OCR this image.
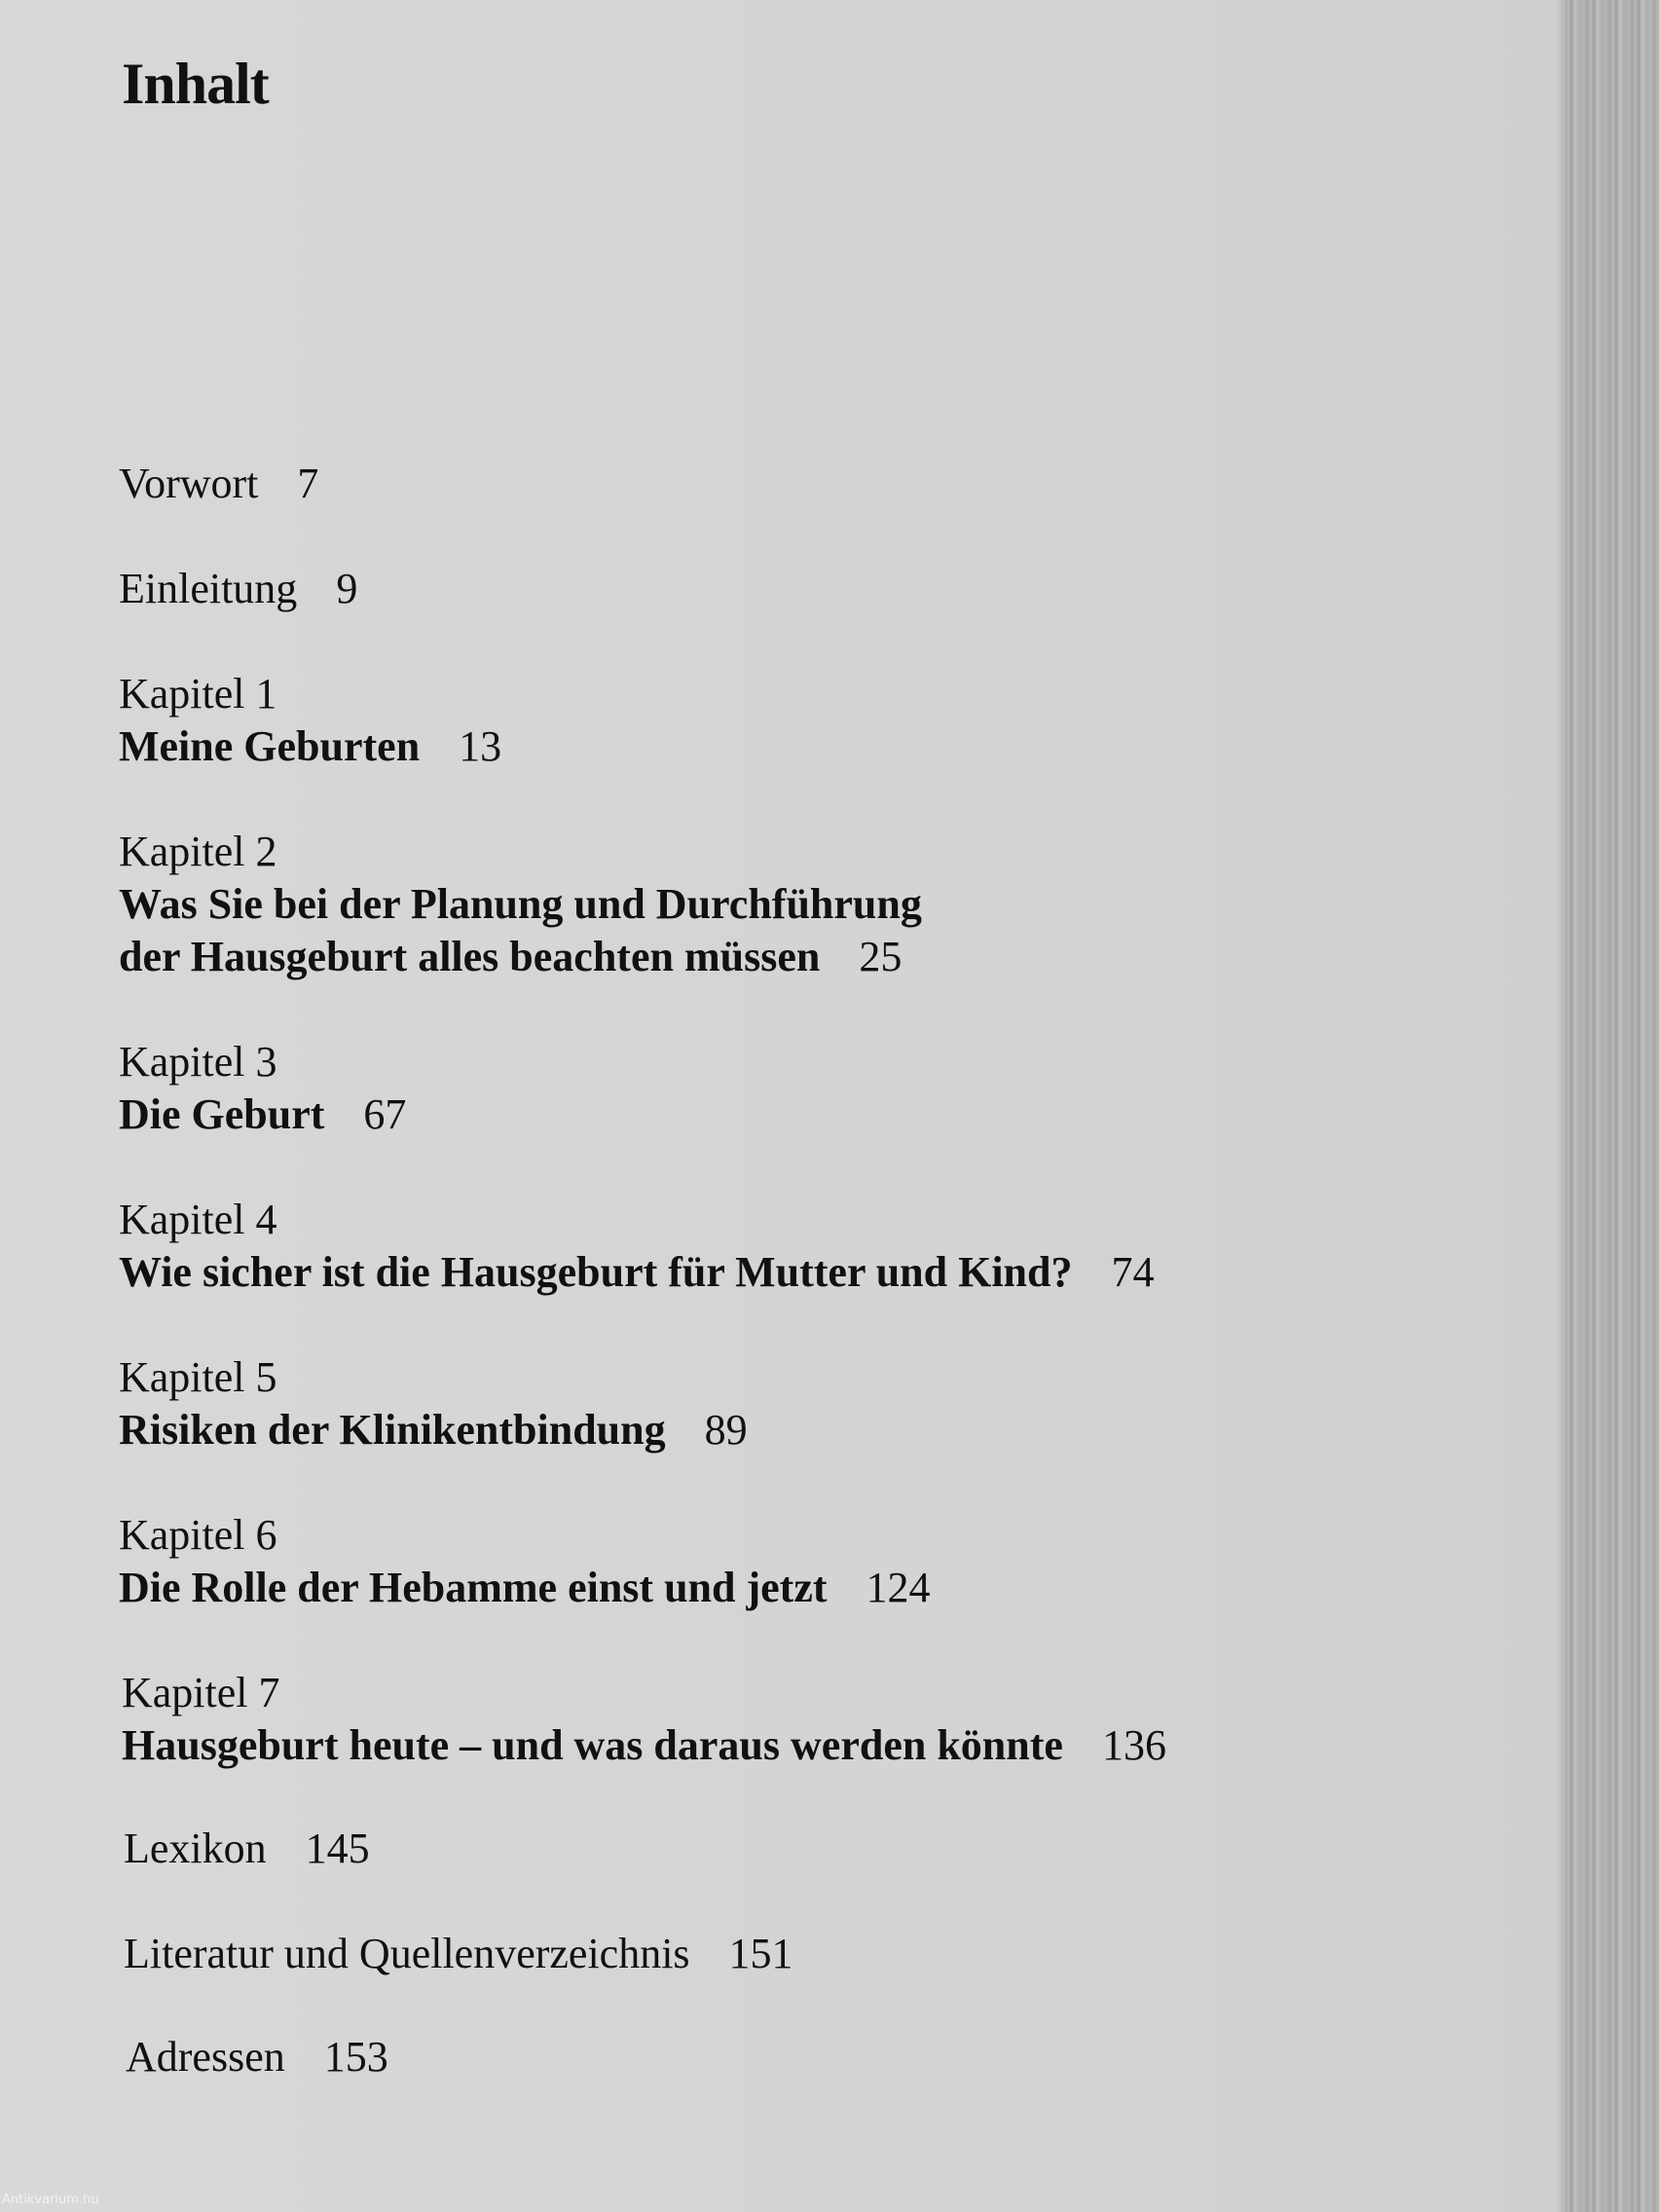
Inhalt
Vorwort 7
Einleitung 9
Kapitel 1
Meine Geburten 13
Kapitel 2
Was Sie bei der Planung und Durchführung
der Hausgeburt alles beachten müssen 25
Kapitel 3
Die Geburt 67
Kapitel 4
Wie sicher ist die Hausgeburt für Mutter und Kind? 74
Kapitel 5
Risiken der Klinikentbindung 89
Kapitel 6
Die Rolle der Hebamme einst und jetzt 124
Kapitel 7
Hausgeburt heute – und was daraus werden könnte 136
Lexikon 145
Literatur und Quellenverzeichnis 151
Adressen 153
Antikvarium.hu
